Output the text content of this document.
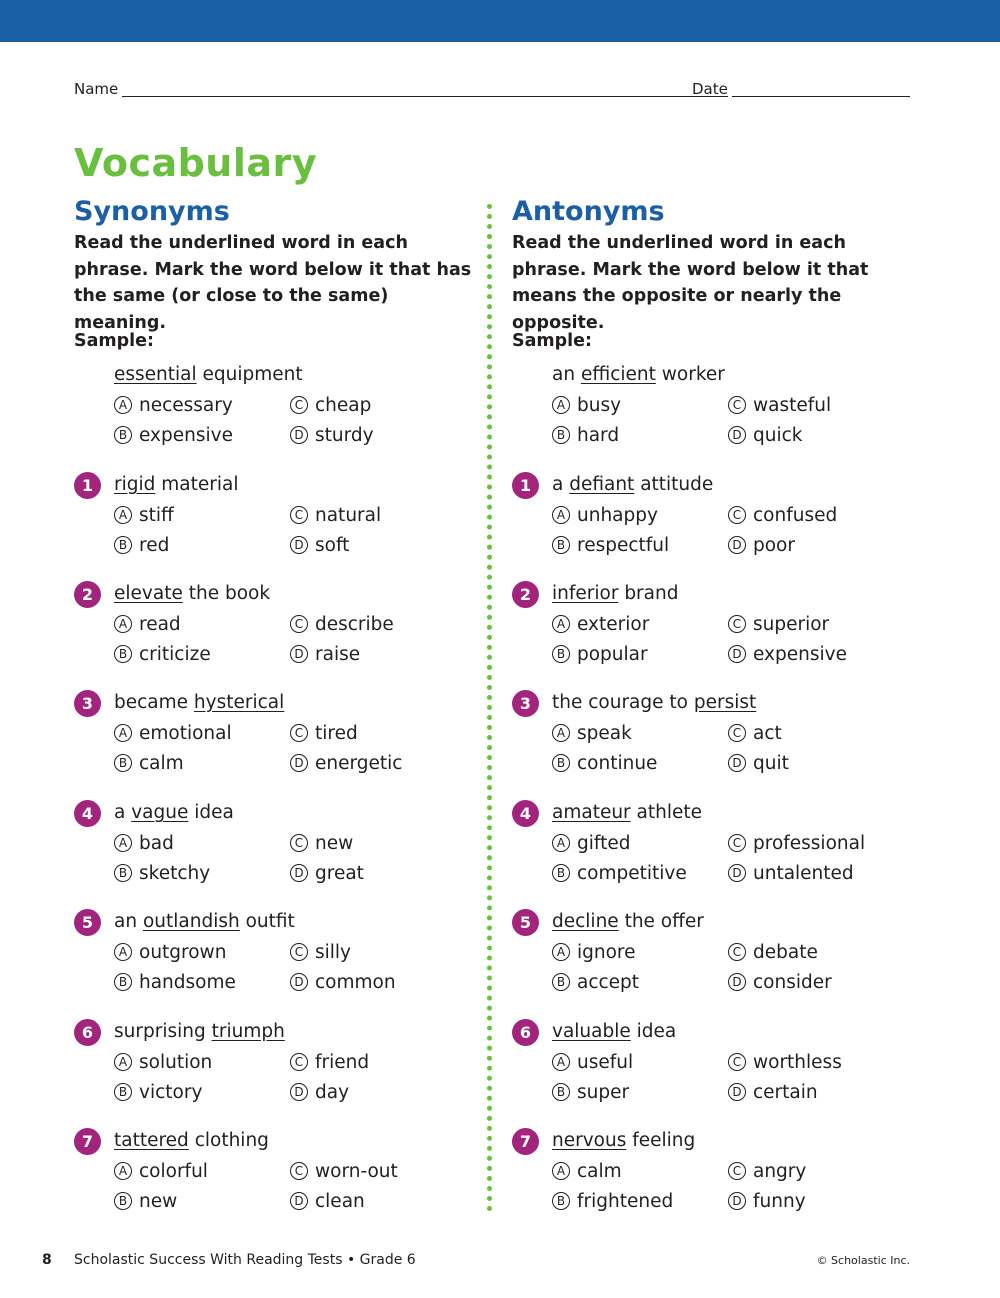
Name	Date
Vocabulary
Synonyms

Read the underlined word in each phrase. Mark the word below it that has the same (or close to the same) meaning.

Sample:
essential equipment
A necessary
B expensive
C cheap
D sturdy
1	rigid material
A stiff
B red
C natural
D soft
2	elevate the book
A read
B criticize
C describe
D raise
3	became hysterical
A emotional
B calm
C tired
D energetic
4	a vague idea
A bad
B sketchy
C new
D great
5	an outlandish outfit
A outgrown
B handsome
C silly
D common
6	surprising triumph
A solution
B victory
C friend
D day
7	tattered clothing
A colorful
B new
C worn-out
D clean
Antonyms

Read the underlined word in each phrase. Mark the word below it that means the opposite or nearly the opposite.

Sample:
an efficient worker
A busy
B hard
C wasteful
D quick
1	a defiant attitude
A unhappy
B respectful
C confused
D poor
2	inferior brand
A exterior
B popular
C superior
D expensive
3	the courage to persist
A speak
B continue
C act
D quit
4	amateur athlete
A gifted
B competitive
C professional
D untalented
5	decline the offer
A ignore
B accept
C debate
D consider
6	valuable idea
A useful
B super
C worthless
D certain
7	nervous feeling
A calm
B frightened
C angry
D funny
8 Scholastic Success With Reading Tests • Grade 6	© Scholastic Inc.
